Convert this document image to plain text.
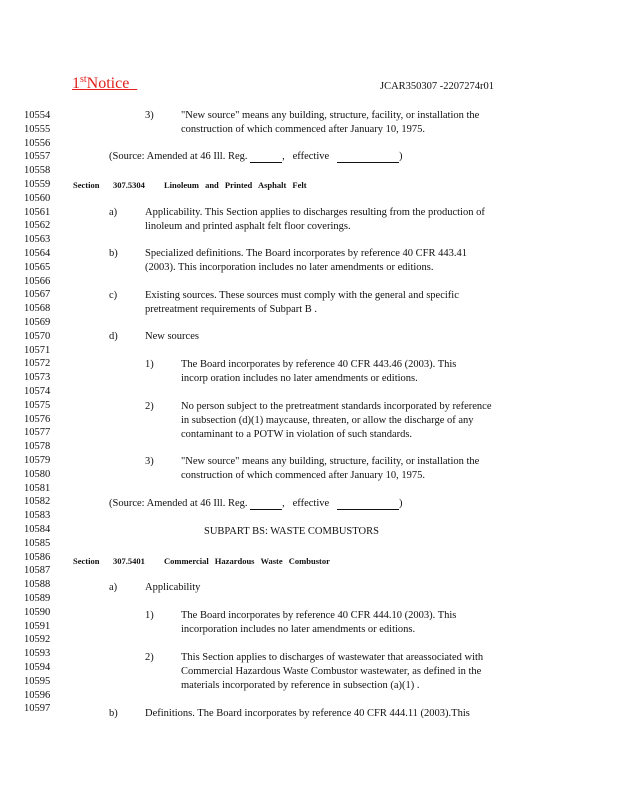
1stNotice	JCAR350307 -2207274r01
10554
10555
10556
10557
10558
10559
10560
10561
10562
10563
10564
10565
10566
10567
10568
10569
10570
10571
10572
10573
10574
10575
10576
10577
10578
10579
10580
10581
10582
10583
10584
10585
10586
10587
10588
10589
10590
10591
10592
10593
10594
10595
10596
10597
3)	"New source" means any building, structure, facility, or installation the
construction of which commenced after January 10, 1975.
(Source: Amended at 46 Ill. Reg.	,   effective	)
Section 307.5304 Linoleum and Printed Asphalt Felt
a)	Applicability. This Section applies to discharges resulting from the production of
linoleum and printed asphalt felt floor coverings.
b)	Specialized definitions. The Board incorporates by reference 40 CFR 443.41
(2003). This incorporation includes no later amendments or editions.
c)	Existing sources. These sources must comply with the general and specific
pretreatment requirements of Subpart B .
d)	New sources
1)	The Board incorporates by reference 40 CFR 443.46 (2003). This
incorp oration includes no later amendments or editions.
2)	No person subject to the pretreatment standards incorporated by reference
in subsection (d)(1) maycause, threaten, or allow the discharge of any
contaminant to a POTW in violation of such standards.
3)	"New source" means any building, structure, facility, or installation the
construction of which commenced after January 10, 1975.
(Source: Amended at 46 Ill. Reg.	,   effective	)
SUBPART BS: WASTE COMBUSTORS
Section 307.5401 Commercial Hazardous Waste Combustor
a)	Applicability
1)	The Board incorporates by reference 40 CFR 444.10 (2003). This
incorporation includes no later amendments or editions.
2)	This Section applies to discharges of wastewater that areassociated with
Commercial Hazardous Waste Combustor wastewater, as defined in the
materials incorporated by reference in subsection (a)(1) .
b)	Definitions. The Board incorporates by reference 40 CFR 444.11 (2003).This
